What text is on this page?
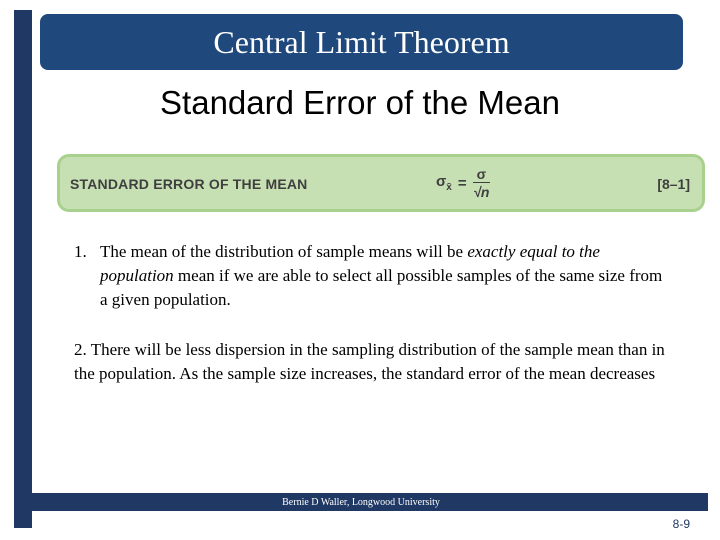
Central Limit Theorem
Standard Error of the Mean
STANDARD ERROR OF THE MEAN	$\sigma_{x̄} = \frac{\sigma}{√n}$	[8–1]
1. The mean of the distribution of sample means will be exactly equal to the population mean if we are able to select all possible samples of the same size from a given population.
2. There will be less dispersion in the sampling distribution of the sample mean than in the population. As the sample size increases, the standard error of the mean decreases
Bernie D Waller, Longwood University
8-9
